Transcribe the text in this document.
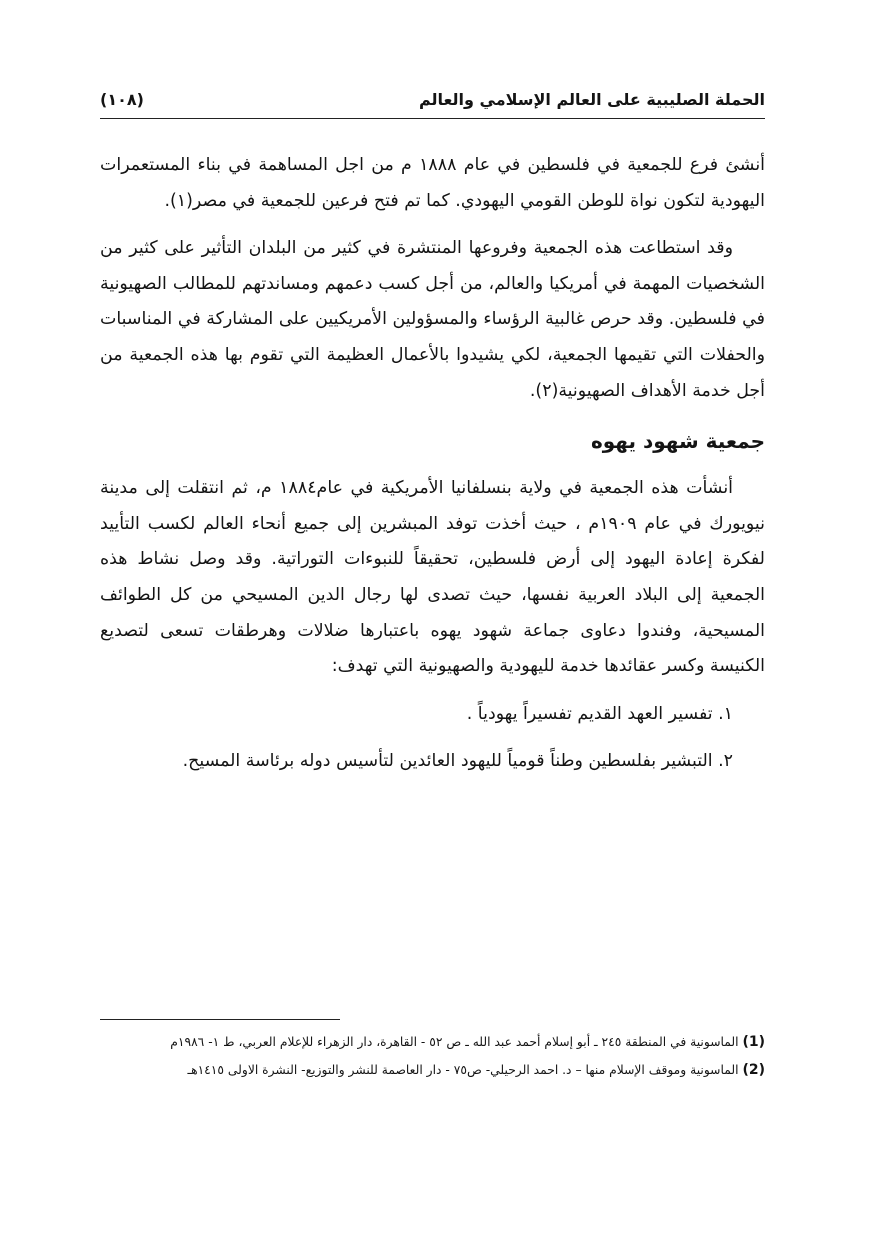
الحملة الصليبية على العالم الإسلامي والعالم
(١٠٨)

أنشئ فرع للجمعية في فلسطين في عام ١٨٨٨ م من اجل المساهمة في بناء المستعمرات اليهودية لتكون نواة للوطن القومي اليهودي. كما تم فتح فرعين للجمعية في مصر(١).

وقد استطاعت هذه الجمعية وفروعها المنتشرة في كثير من البلدان التأثير على كثير من الشخصيات المهمة في أمريكيا والعالم، من أجل كسب دعمهم ومساندتهم للمطالب الصهيونية في فلسطين. وقد حرص غالبية الرؤساء والمسؤولين الأمريكيين على المشاركة في المناسبات والحفلات التي تقيمها الجمعية، لكي يشيدوا بالأعمال العظيمة التي تقوم بها هذه الجمعية من أجل خدمة الأهداف الصهيونية(٢).

جمعية شهود يهوه

أنشأت هذه الجمعية في ولاية بنسلفانيا الأمريكية في عام١٨٨٤ م، ثم انتقلت إلى مدينة نيويورك في عام ١٩٠٩م ، حيث أخذت توفد المبشرين إلى جميع أنحاء العالم لكسب التأييد لفكرة إعادة اليهود إلى أرض فلسطين، تحقيقاً للنبوءات التوراتية. وقد وصل نشاط هذه الجمعية إلى البلاد العربية نفسها، حيث تصدى لها رجال الدين المسيحي من كل الطوائف المسيحية، وفندوا دعاوى جماعة شهود يهوه باعتبارها ضلالات وهرطقات تسعى لتصديع الكنيسة وكسر عقائدها خدمة لليهودية والصهيونية التي تهدف:

١. تفسير العهد القديم تفسيراً يهودياً .

٢. التبشير بفلسطين وطناً قومياً لليهود العائدين لتأسيس دوله برئاسة المسيح.

(1) الماسونية في المنطقة ٢٤٥ ـ أبو إسلام أحمد عبد الله ـ ص ٥٢ - القاهرة، دار الزهراء للإعلام العربي، ط ١- ١٩٨٦م

(2) الماسونية وموقف الإسلام منها – د. احمد الرحيلي- ص٧٥ - دار العاصمة للنشر والتوزيع- النشرة الاولى ١٤١٥هـ
